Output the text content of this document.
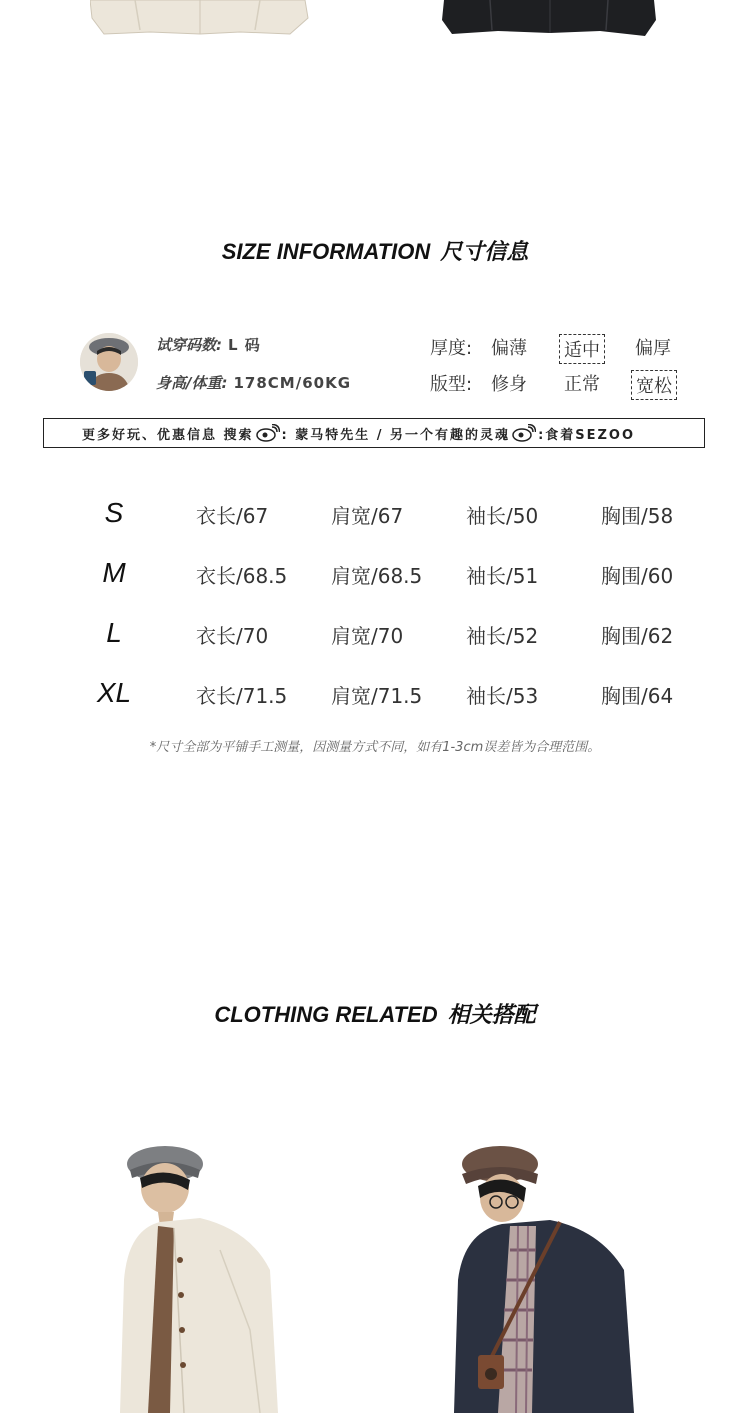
SIZE INFORMATION 尺寸信息
试穿码数: L 码
身高/体重: 178CM/60KG
厚度: 偏薄 适中 偏厚
版型: 修身 正常 宽松
更多好玩、优惠信息 搜索 : 蒙马特先生 / 另一个有趣的灵魂 :食着SEZOO
S	衣长/67	肩宽/67	袖长/50	胸围/58
M	衣长/68.5 肩宽/68.5 袖长/51	胸围/60
L	衣长/70	肩宽/70	袖长/52	胸围/62
XL	衣长/71.5 肩宽/71.5 袖长/53	胸围/64
*尺寸全部为平铺手工测量，因测量方式不同，如有1-3cm误差皆为合理范围。
CLOTHING RELATED 相关搭配
